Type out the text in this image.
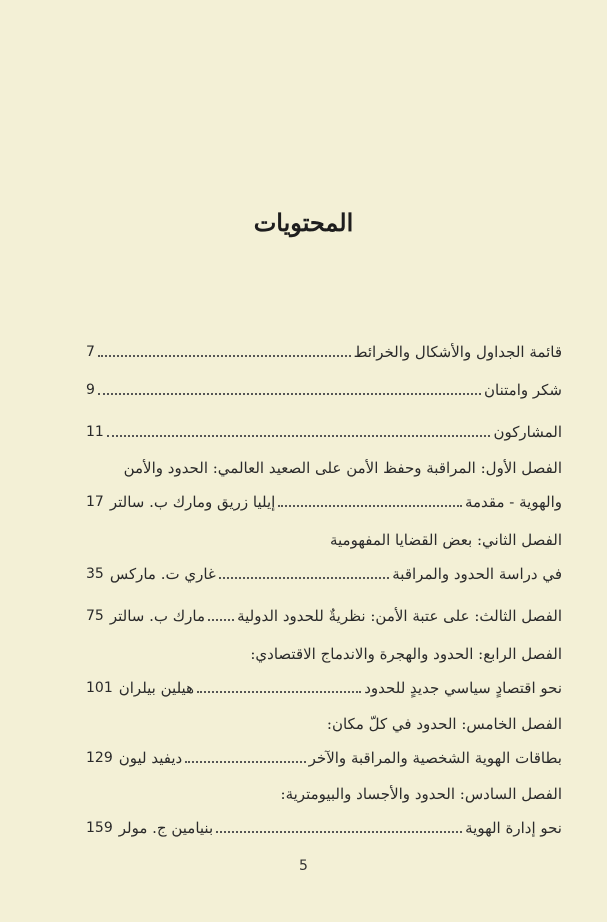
المحتويات
قائمة الجداول والأشكال والخرائط
7
شكر وامتنان
9
المشاركون
11
الفصل الأول: المراقبة وحفظ الأمن على الصعيد العالمي: الحدود والأمن
والهوية - مقدمة
إيليا زريق ومارك ب. سالتر
17
الفصل الثاني: بعض القضايا المفهومية
في دراسة الحدود والمراقبة
غاري ت. ماركس
35
الفصل الثالث: على عتبة الأمن: نظريةٌ للحدود الدولية
مارك ب. سالتر
75
الفصل الرابع: الحدود والهجرة والاندماج الاقتصادي:
نحو اقتصادٍ سياسي جديدٍ للحدود
هيلين بيلران
101
الفصل الخامس: الحدود في كلّ مكان:
بطاقات الهوية الشخصية والمراقبة والآخر
ديفيد ليون
129
الفصل السادس: الحدود والأجساد والبيومترية:
نحو إدارة الهوية
بنيامين ج. مولر
159
5
